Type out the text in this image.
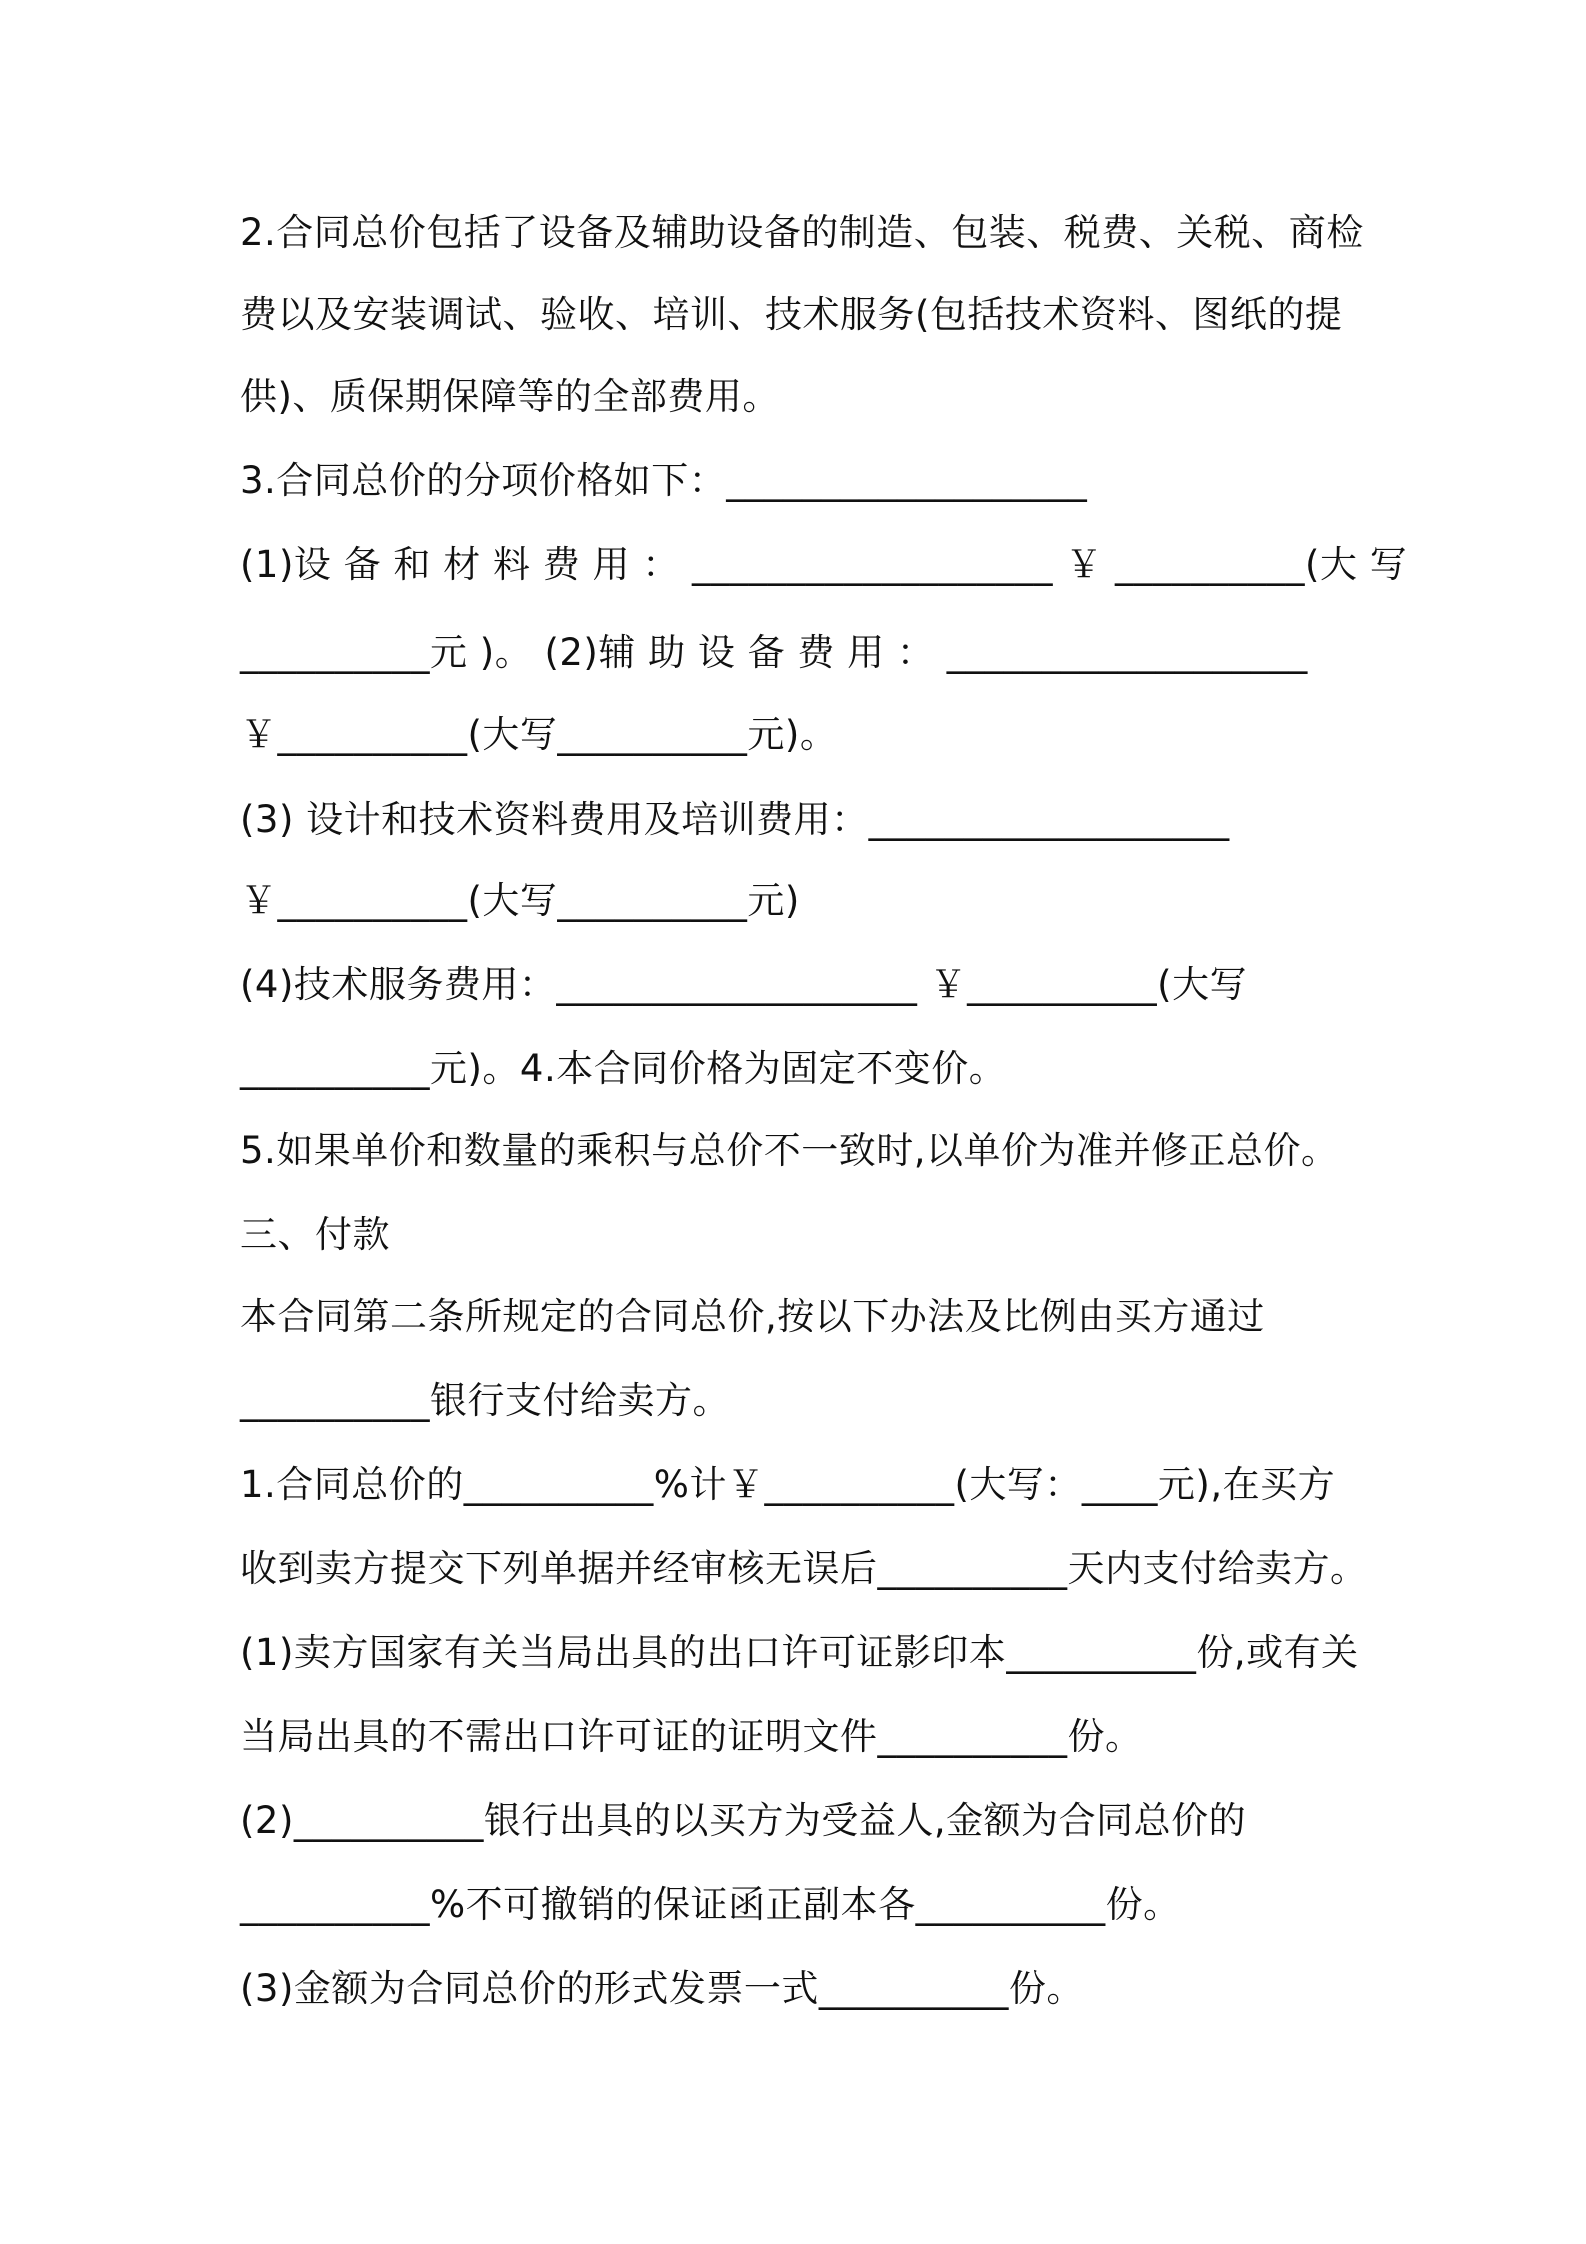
2.合同总价包括了设备及辅助设备的制造、包装、税费、关税、商检
费以及安装调试、验收、培训、技术服务(包括技术资料、图纸的提
供)、质保期保障等的全部费用。
3.合同总价的分项价格如下：___________________
(1)设 备 和 材 料 费 用 ： ___________________ ￥ __________(大 写
__________元 )。 (2)辅 助 设 备 费 用 ： ___________________
￥__________(大写__________元)。
(3) 设计和技术资料费用及培训费用：___________________
￥__________(大写__________元)
(4)技术服务费用：___________________ ￥__________(大写
__________元)。4.本合同价格为固定不变价。
5.如果单价和数量的乘积与总价不一致时,以单价为准并修正总价。
三、付款
本合同第二条所规定的合同总价,按以下办法及比例由买方通过
__________银行支付给卖方。
1.合同总价的__________%计￥__________(大写：____元),在买方
收到卖方提交下列单据并经审核无误后__________天内支付给卖方。
(1)卖方国家有关当局出具的出口许可证影印本__________份,或有关
当局出具的不需出口许可证的证明文件__________份。
(2)__________银行出具的以买方为受益人,金额为合同总价的
__________%不可撤销的保证函正副本各__________份。
(3)金额为合同总价的形式发票一式__________份。
